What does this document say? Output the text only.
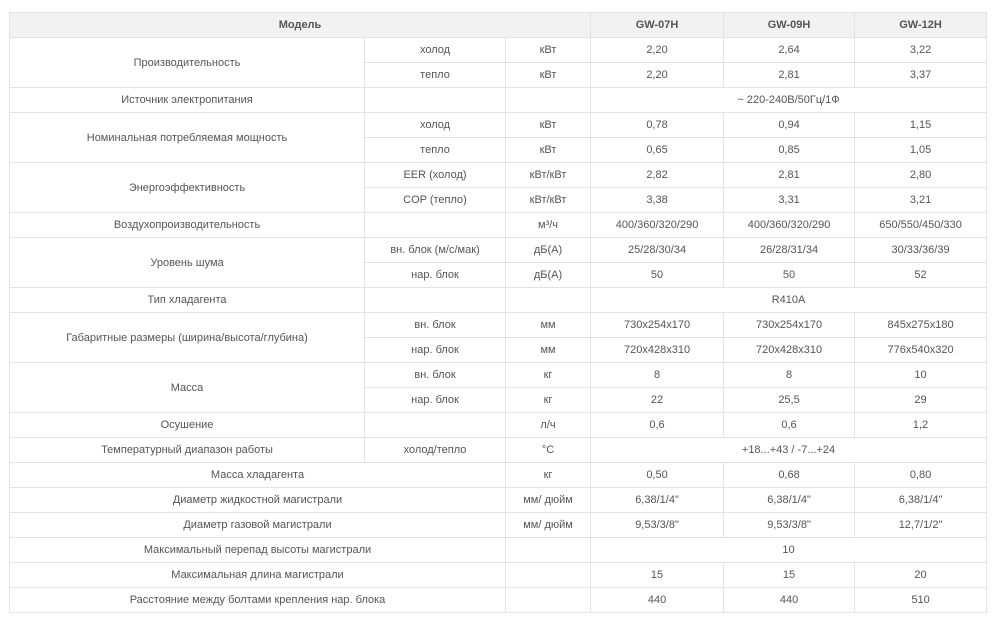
Модель			GW-07H	GW-09H	GW-12H
Производительность	холод	кВт	2,20	2,64	3,22
	тепло	кВт	2,20	2,81	3,37
Источник электропитания			~ 220-240В/50Гц/1Ф		
Номинальная потребляемая мощность	холод	кВт	0,78	0,94	1,15
	тепло	кВт	0,65	0,85	1,05
Энергоэффективность	EER (холод)	кВт/кВт	2,82	2,81	2,80
	COP (тепло)	кВт/кВт	3,38	3,31	3,21
Воздухопроизводительность		м³/ч	400/360/320/290	400/360/320/290	650/550/450/330
Уровень шума	вн. блок (м/с/мак)	дБ(А)	25/28/30/34	26/28/31/34	30/33/36/39
	нар. блок	дБ(А)	50	50	52
Тип хладагента			R410A		
Габаритные размеры (ширина/высота/глубина)	вн. блок	мм	730x254x170	730x254x170	845x275x180
	нар. блок	мм	720x428x310	720x428x310	776x540x320
Масса	вн. блок	кг	8	8	10
	нар. блок	кг	22	25,5	29
Осушение		л/ч	0,6	0,6	1,2
Температурный диапазон работы	холод/тепло	°С	+18...+43 / -7...+24		
Масса хладагента		кг	0,50	0,68	0,80
Диаметр жидкостной магистрали		мм/ дюйм	6,38/1/4"	6,38/1/4"	6,38/1/4"
Диаметр газовой магистрали		мм/ дюйм	9,53/3/8"	9,53/3/8"	12,7/1/2"
Максимальный перепад высоты магистрали			10		
Максимальная длина магистрали			15	15	20
Расстояние между болтами крепления нар. блока			440	440	510
